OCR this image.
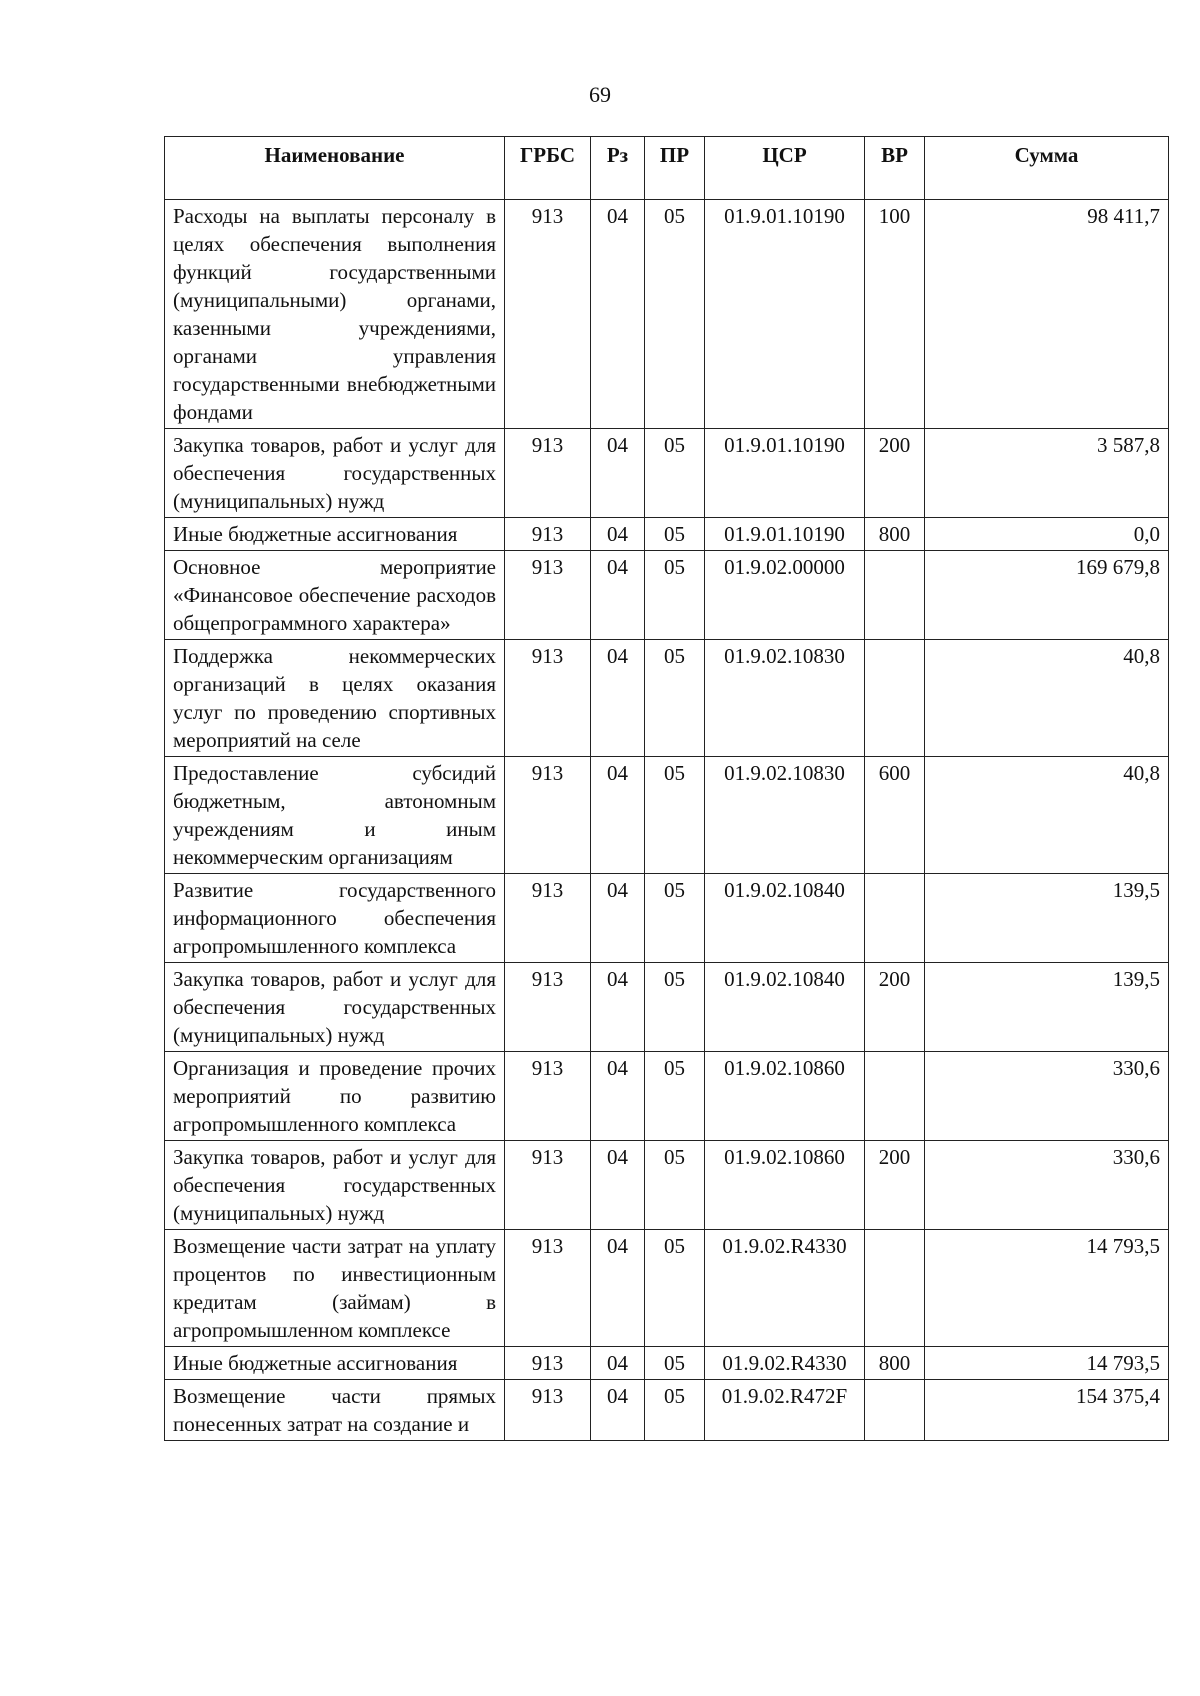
69
Наименование	ГРБС	Рз	ПР	ЦСР	ВР	Сумма
Расходы на выплаты персоналу в целях обеспечения выполнения функций государственными (муниципальными) органами, казенными учреждениями, органами управления государственными внебюджетными фондами	913	04	05	01.9.01.10190	100	98 411,7
Закупка товаров, работ и услуг для обеспечения государственных (муниципальных) нужд	913	04	05	01.9.01.10190	200	3 587,8
Иные бюджетные ассигнования	913	04	05	01.9.01.10190	800	0,0
Основное мероприятие «Финансовое обеспечение расходов общепрограммного характера»	913	04	05	01.9.02.00000		169 679,8
Поддержка некоммерческих организаций в целях оказания услуг по проведению спортивных мероприятий на селе	913	04	05	01.9.02.10830		40,8
Предоставление субсидий бюджетным, автономным учреждениям и иным некоммерческим организациям	913	04	05	01.9.02.10830	600	40,8
Развитие государственного информационного обеспечения агропромышленного комплекса	913	04	05	01.9.02.10840		139,5
Закупка товаров, работ и услуг для обеспечения государственных (муниципальных) нужд	913	04	05	01.9.02.10840	200	139,5
Организация и проведение прочих мероприятий по развитию агропромышленного комплекса	913	04	05	01.9.02.10860		330,6
Закупка товаров, работ и услуг для обеспечения государственных (муниципальных) нужд	913	04	05	01.9.02.10860	200	330,6
Возмещение части затрат на уплату процентов по инвестиционным кредитам (займам) в агропромышленном комплексе	913	04	05	01.9.02.R4330		14 793,5
Иные бюджетные ассигнования	913	04	05	01.9.02.R4330	800	14 793,5
Возмещение части прямых понесенных затрат на создание и	913	04	05	01.9.02.R472F		154 375,4
